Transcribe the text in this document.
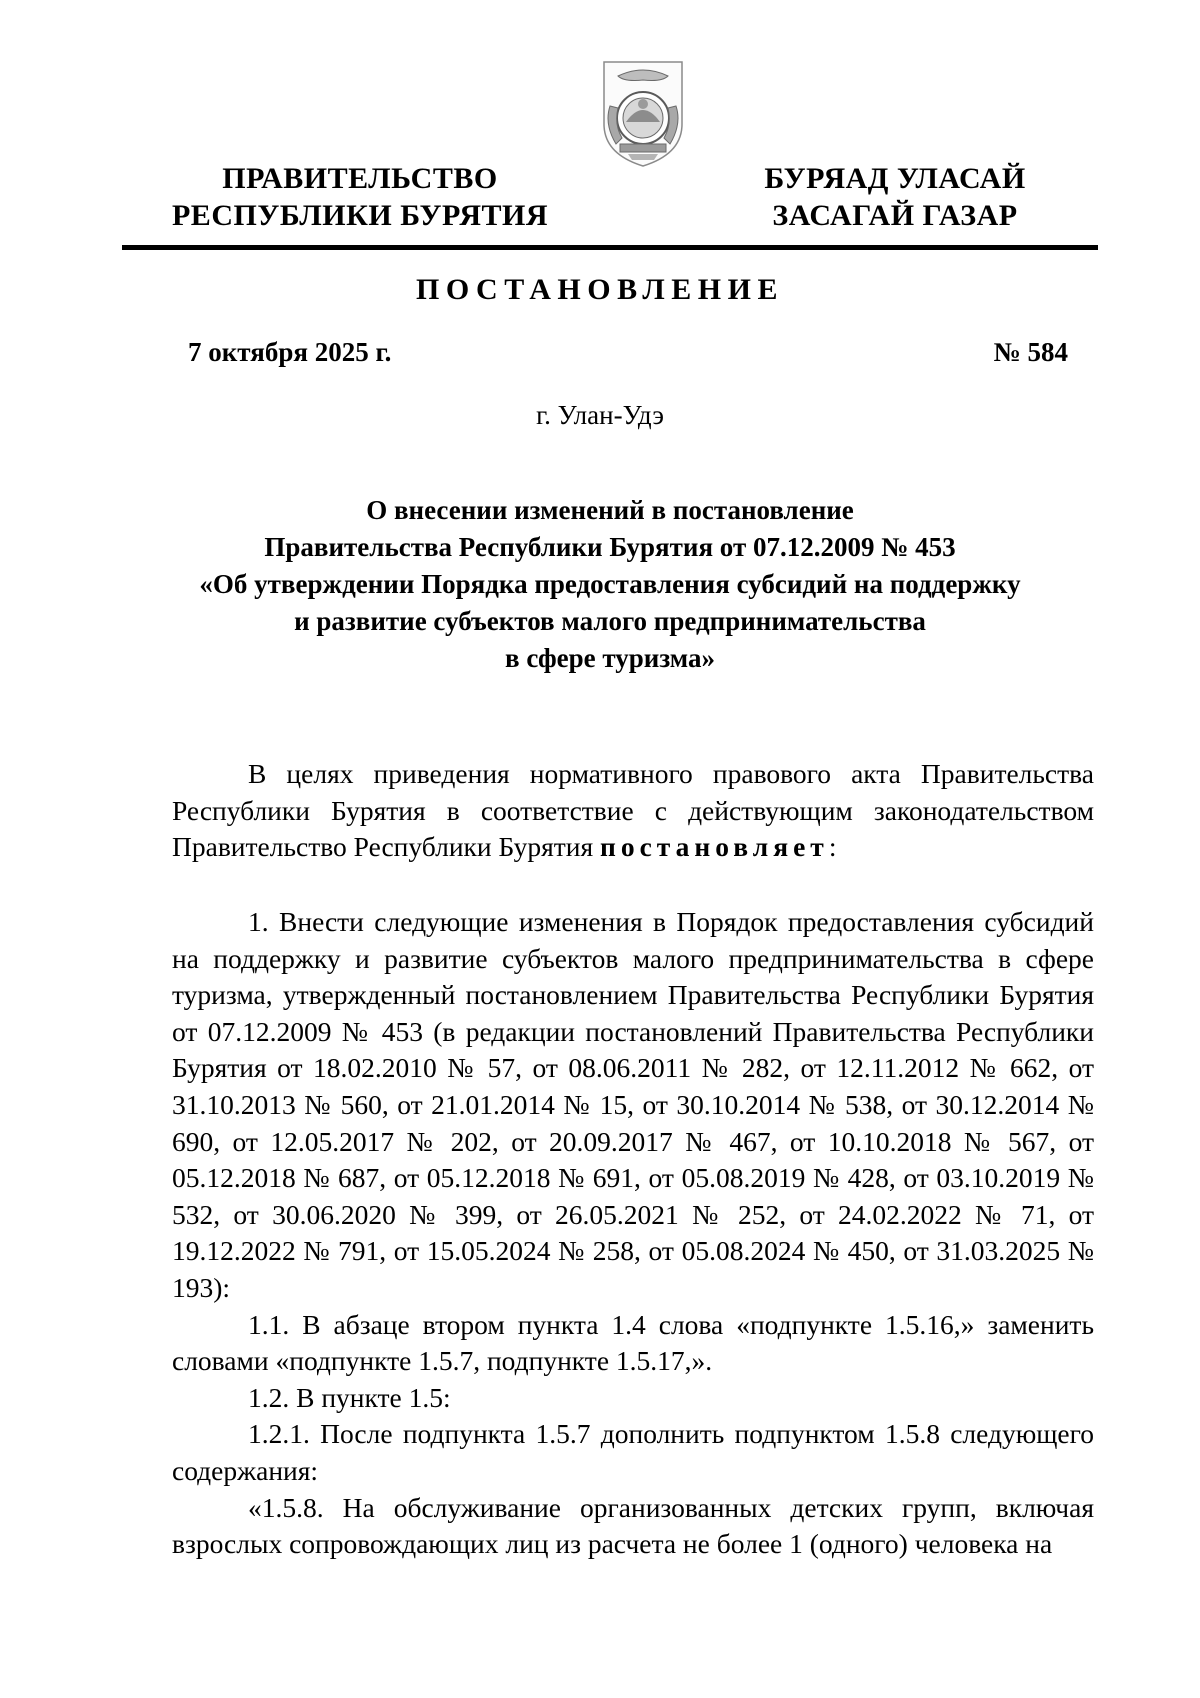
ПРАВИТЕЛЬСТВО
РЕСПУБЛИКИ БУРЯТИЯ
БУРЯАД УЛАСАЙ
ЗАСАГАЙ ГАЗАР
ПОСТАНОВЛЕНИЕ
7 октября 2025 г.	№ 584
г. Улан-Удэ
О внесении изменений в постановление
Правительства Республики Бурятия от 07.12.2009 № 453
«Об утверждении Порядка предоставления субсидий на поддержку
и развитие субъектов малого предпринимательства
в сфере туризма»

В целях приведения нормативного правового акта Правительства Республики Бурятия в соответствие с действующим законодательством Правительство Республики Бурятия постановляет:

1. Внести следующие изменения в Порядок предоставления субсидий на поддержку и развитие субъектов малого предпринимательства в сфере туризма, утвержденный постановлением Правительства Республики Бурятия от 07.12.2009 № 453 (в редакции постановлений Правительства Республики Бурятия от 18.02.2010 № 57, от 08.06.2011 № 282, от 12.11.2012 № 662, от 31.10.2013 № 560, от 21.01.2014 № 15, от 30.10.2014 № 538, от 30.12.2014 № 690, от 12.05.2017 № 202, от 20.09.2017 № 467, от 10.10.2018 № 567, от 05.12.2018 № 687, от 05.12.2018 № 691, от 05.08.2019 № 428, от 03.10.2019 № 532, от 30.06.2020 № 399, от 26.05.2021 № 252, от 24.02.2022 № 71, от 19.12.2022 № 791, от 15.05.2024 № 258, от 05.08.2024 № 450, от 31.03.2025 № 193):

1.1. В абзаце втором пункта 1.4 слова «подпункте 1.5.16,» заменить словами «подпункте 1.5.7, подпункте 1.5.17,».

1.2. В пункте 1.5:

1.2.1. После подпункта 1.5.7 дополнить подпунктом 1.5.8 следующего содержания:

«1.5.8. На обслуживание организованных детских групп, включая взрослых сопровождающих лиц из расчета не более 1 (одного) человека на
